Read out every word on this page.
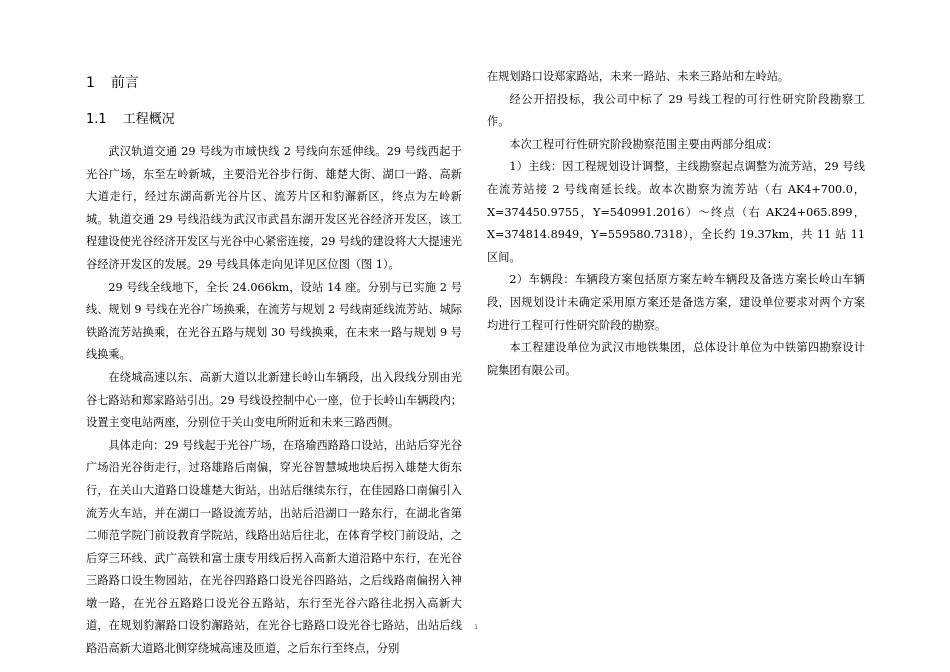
1 前言
1.1 工程概况

武汉轨道交通 29 号线为市域快线 2 号线向东延伸线。29 号线西起于光谷广场，东至左岭新城，主要沿光谷步行街、雄楚大街、湖口一路、高新大道走行，经过东湖高新光谷片区、流芳片区和豹澥新区，终点为左岭新城。轨道交通 29 号线沿线为武汉市武昌东湖开发区光谷经济开发区，该工程建设使光谷经济开发区与光谷中心紧密连接，29 号线的建设将大大提速光谷经济开发区的发展。29 号线具体走向见详见区位图（图 1）。

29 号线全线地下，全长 24.066km，设站 14 座。分别与已实施 2 号线、规划 9 号线在光谷广场换乘，在流芳与规划 2 号线南延线流芳站、城际铁路流芳站换乘，在光谷五路与规划 30 号线换乘，在未来一路与规划 9 号线换乘。

在绕城高速以东、高新大道以北新建长岭山车辆段，出入段线分别由光谷七路站和郑家路站引出。29 号线设控制中心一座，位于长岭山车辆段内；设置主变电站两座，分别位于关山变电所附近和未来三路西侧。

具体走向：29 号线起于光谷广场，在珞瑜西路路口设站，出站后穿光谷广场沿光谷街走行，过珞雄路后南偏，穿光谷智慧城地块后拐入雄楚大街东行，在关山大道路口设雄楚大街站，出站后继续东行，在佳园路口南偏引入流芳火车站，并在湖口一路设流芳站，出站后沿湖口一路东行，在湖北省第二师范学院门前设教育学院站，线路出站后往北，在体育学校门前设站，之后穿三环线、武广高铁和富士康专用线后拐入高新大道沿路中东行，在光谷三路路口设生物园站，在光谷四路路口设光谷四路站，之后线路南偏拐入神墩一路，在光谷五路路口设光谷五路站，东行至光谷六路往北拐入高新大道，在规划豹澥路口设豹澥路站，在光谷七路路口设光谷七路站，出站后线路沿高新大道路北侧穿绕城高速及匝道，之后东行至终点，分别

在规划路口设郑家路站，未来一路站、未来三路站和左岭站。

经公开招投标，我公司中标了 29 号线工程的可行性研究阶段勘察工作。

本次工程可行性研究阶段勘察范围主要由两部分组成：

1）主线：因工程规划设计调整，主线勘察起点调整为流芳站，29 号线在流芳站接 2 号线南延长线。故本次勘察为流芳站（右 AK4+700.0，X=374450.9755，Y=540991.2016）～终点（右 AK24+065.899，X=374814.8949，Y=559580.7318），全长约 19.37km，共 11 站 11 区间。

2）车辆段：车辆段方案包括原方案左岭车辆段及备选方案长岭山车辆段，因规划设计未确定采用原方案还是备选方案，建设单位要求对两个方案均进行工程可行性研究阶段的勘察。

本工程建设单位为武汉市地铁集团，总体设计单位为中铁第四勘察设计院集团有限公司。

1
